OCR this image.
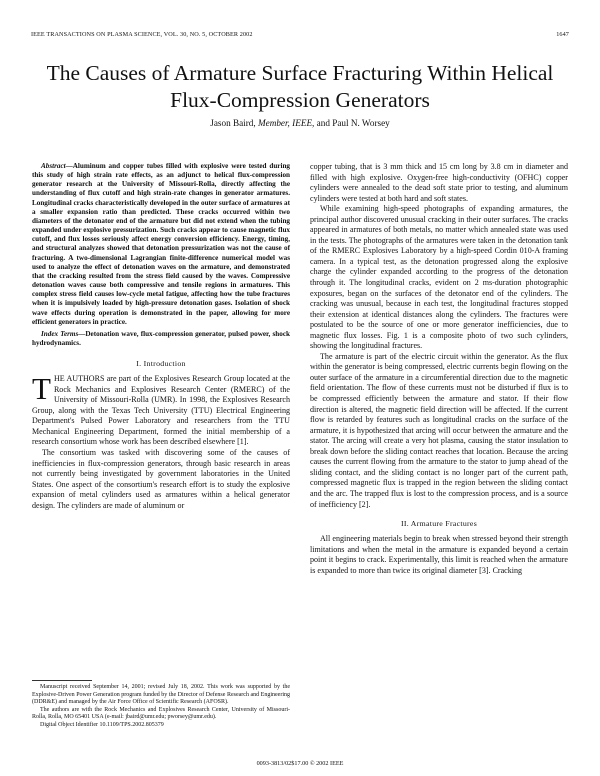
IEEE TRANSACTIONS ON PLASMA SCIENCE, VOL. 30, NO. 5, OCTOBER 2002	1647
The Causes of Armature Surface Fracturing Within Helical Flux-Compression Generators
Jason Baird, Member, IEEE, and Paul N. Worsey

Abstract—Aluminum and copper tubes filled with explosive were tested during this study of high strain rate effects, as an adjunct to helical flux-compression generator research at the University of Missouri-Rolla, directly affecting the understanding of flux cutoff and high strain-rate changes in generator armatures. Longitudinal cracks characteristically developed in the outer surface of armatures at a smaller expansion ratio than predicted. These cracks occurred within two diameters of the detonator end of the armature but did not extend when the tubing expanded under explosive pressurization. Such cracks appear to cause magnetic flux cutoff, and flux losses seriously affect energy conversion efficiency. Energy, timing, and structural analyzes showed that detonation pressurization was not the cause of fracturing. A two-dimensional Lagrangian finite-difference numerical model was used to analyze the effect of detonation waves on the armature, and demonstrated that the cracking resulted from the stress field caused by the waves. Compressive detonation waves cause both compressive and tensile regions in armatures. This complex stress field causes low-cycle metal fatigue, affecting how the tube fractures when it is impulsively loaded by high-pressure detonation gases. Isolation of shock wave effects during operation is demonstrated in the paper, allowing for more efficient generators in practice.

Index Terms—Detonation wave, flux-compression generator, pulsed power, shock hydrodynamics.

I. Introduction

THE AUTHORS are part of the Explosives Research Group located at the Rock Mechanics and Explosives Research Center (RMERC) of the University of Missouri-Rolla (UMR). In 1998, the Explosives Research Group, along with the Texas Tech University (TTU) Electrical Engineering Department's Pulsed Power Laboratory and researchers from the TTU Mechanical Engineering Department, formed the initial membership of a research consortium whose work has been described elsewhere [1].

The consortium was tasked with discovering some of the causes of inefficiencies in flux-compression generators, through basic research in areas not currently being investigated by government laboratories in the United States. One aspect of the consortium's research effort is to study the explosive expansion of metal cylinders used as armatures within a helical generator design. The cylinders are made of aluminum or

Manuscript received September 14, 2001; revised July 18, 2002. This work was supported by the Explosive-Driven Power Generation program funded by the Director of Defense Research and Engineering (DDR&E) and managed by the Air Force Office of Scientific Research (AFOSR).

The authors are with the Rock Mechanics and Explosives Research Center, University of Missouri-Rolla, Rolla, MO 65401 USA (e-mail: jbaird@umr.edu; pworsey@umr.edu).

Digital Object Identifier 10.1109/TPS.2002.805379

copper tubing, that is 3 mm thick and 15 cm long by 3.8 cm in diameter and filled with high explosive. Oxygen-free high-conductivity (OFHC) copper cylinders were annealed to the dead soft state prior to testing, and aluminum cylinders were tested at both hard and soft states.

While examining high-speed photographs of expanding armatures, the principal author discovered unusual cracking in their outer surfaces. The cracks appeared in armatures of both metals, no matter which annealed state was used in the tests. The photographs of the armatures were taken in the detonation tank of the RMERC Explosives Laboratory by a high-speed Cordin 010-A framing camera. In a typical test, as the detonation progressed along the explosive charge the cylinder expanded according to the progress of the detonation through it. The longitudinal cracks, evident on 2 ms-duration photographic exposures, began on the surfaces of the detonator end of the cylinders. The cracking was unusual, because in each test, the longitudinal fractures stopped their extension at identical distances along the cylinders. The fractures were postulated to be the source of one or more generator inefficiencies, due to magnetic flux losses. Fig. 1 is a composite photo of two such cylinders, showing the longitudinal fractures.

The armature is part of the electric circuit within the generator. As the flux within the generator is being compressed, electric currents begin flowing on the outer surface of the armature in a circumferential direction due to the magnetic field orientation. The flow of these currents must not be disturbed if flux is to be compressed efficiently between the armature and stator. If their flow direction is altered, the magnetic field direction will be affected. If the current flow is retarded by features such as longitudinal cracks on the surface of the armature, it is hypothesized that arcing will occur between the armature and the stator. The arcing will create a very hot plasma, causing the stator insulation to break down before the sliding contact reaches that location. Because the arcing causes the current flowing from the armature to the stator to jump ahead of the sliding contact, and the sliding contact is no longer part of the current path, compressed magnetic flux is trapped in the region between the sliding contact and the arc. The trapped flux is lost to the compression process, and is a source of inefficiency [2].

II. Armature Fractures

All engineering materials begin to break when stressed beyond their strength limitations and when the metal in the armature is expanded beyond a certain point it begins to crack. Experimentally, this limit is reached when the armature is expanded to more than twice its original diameter [3]. Cracking

0093-3813/02$17.00 © 2002 IEEE
